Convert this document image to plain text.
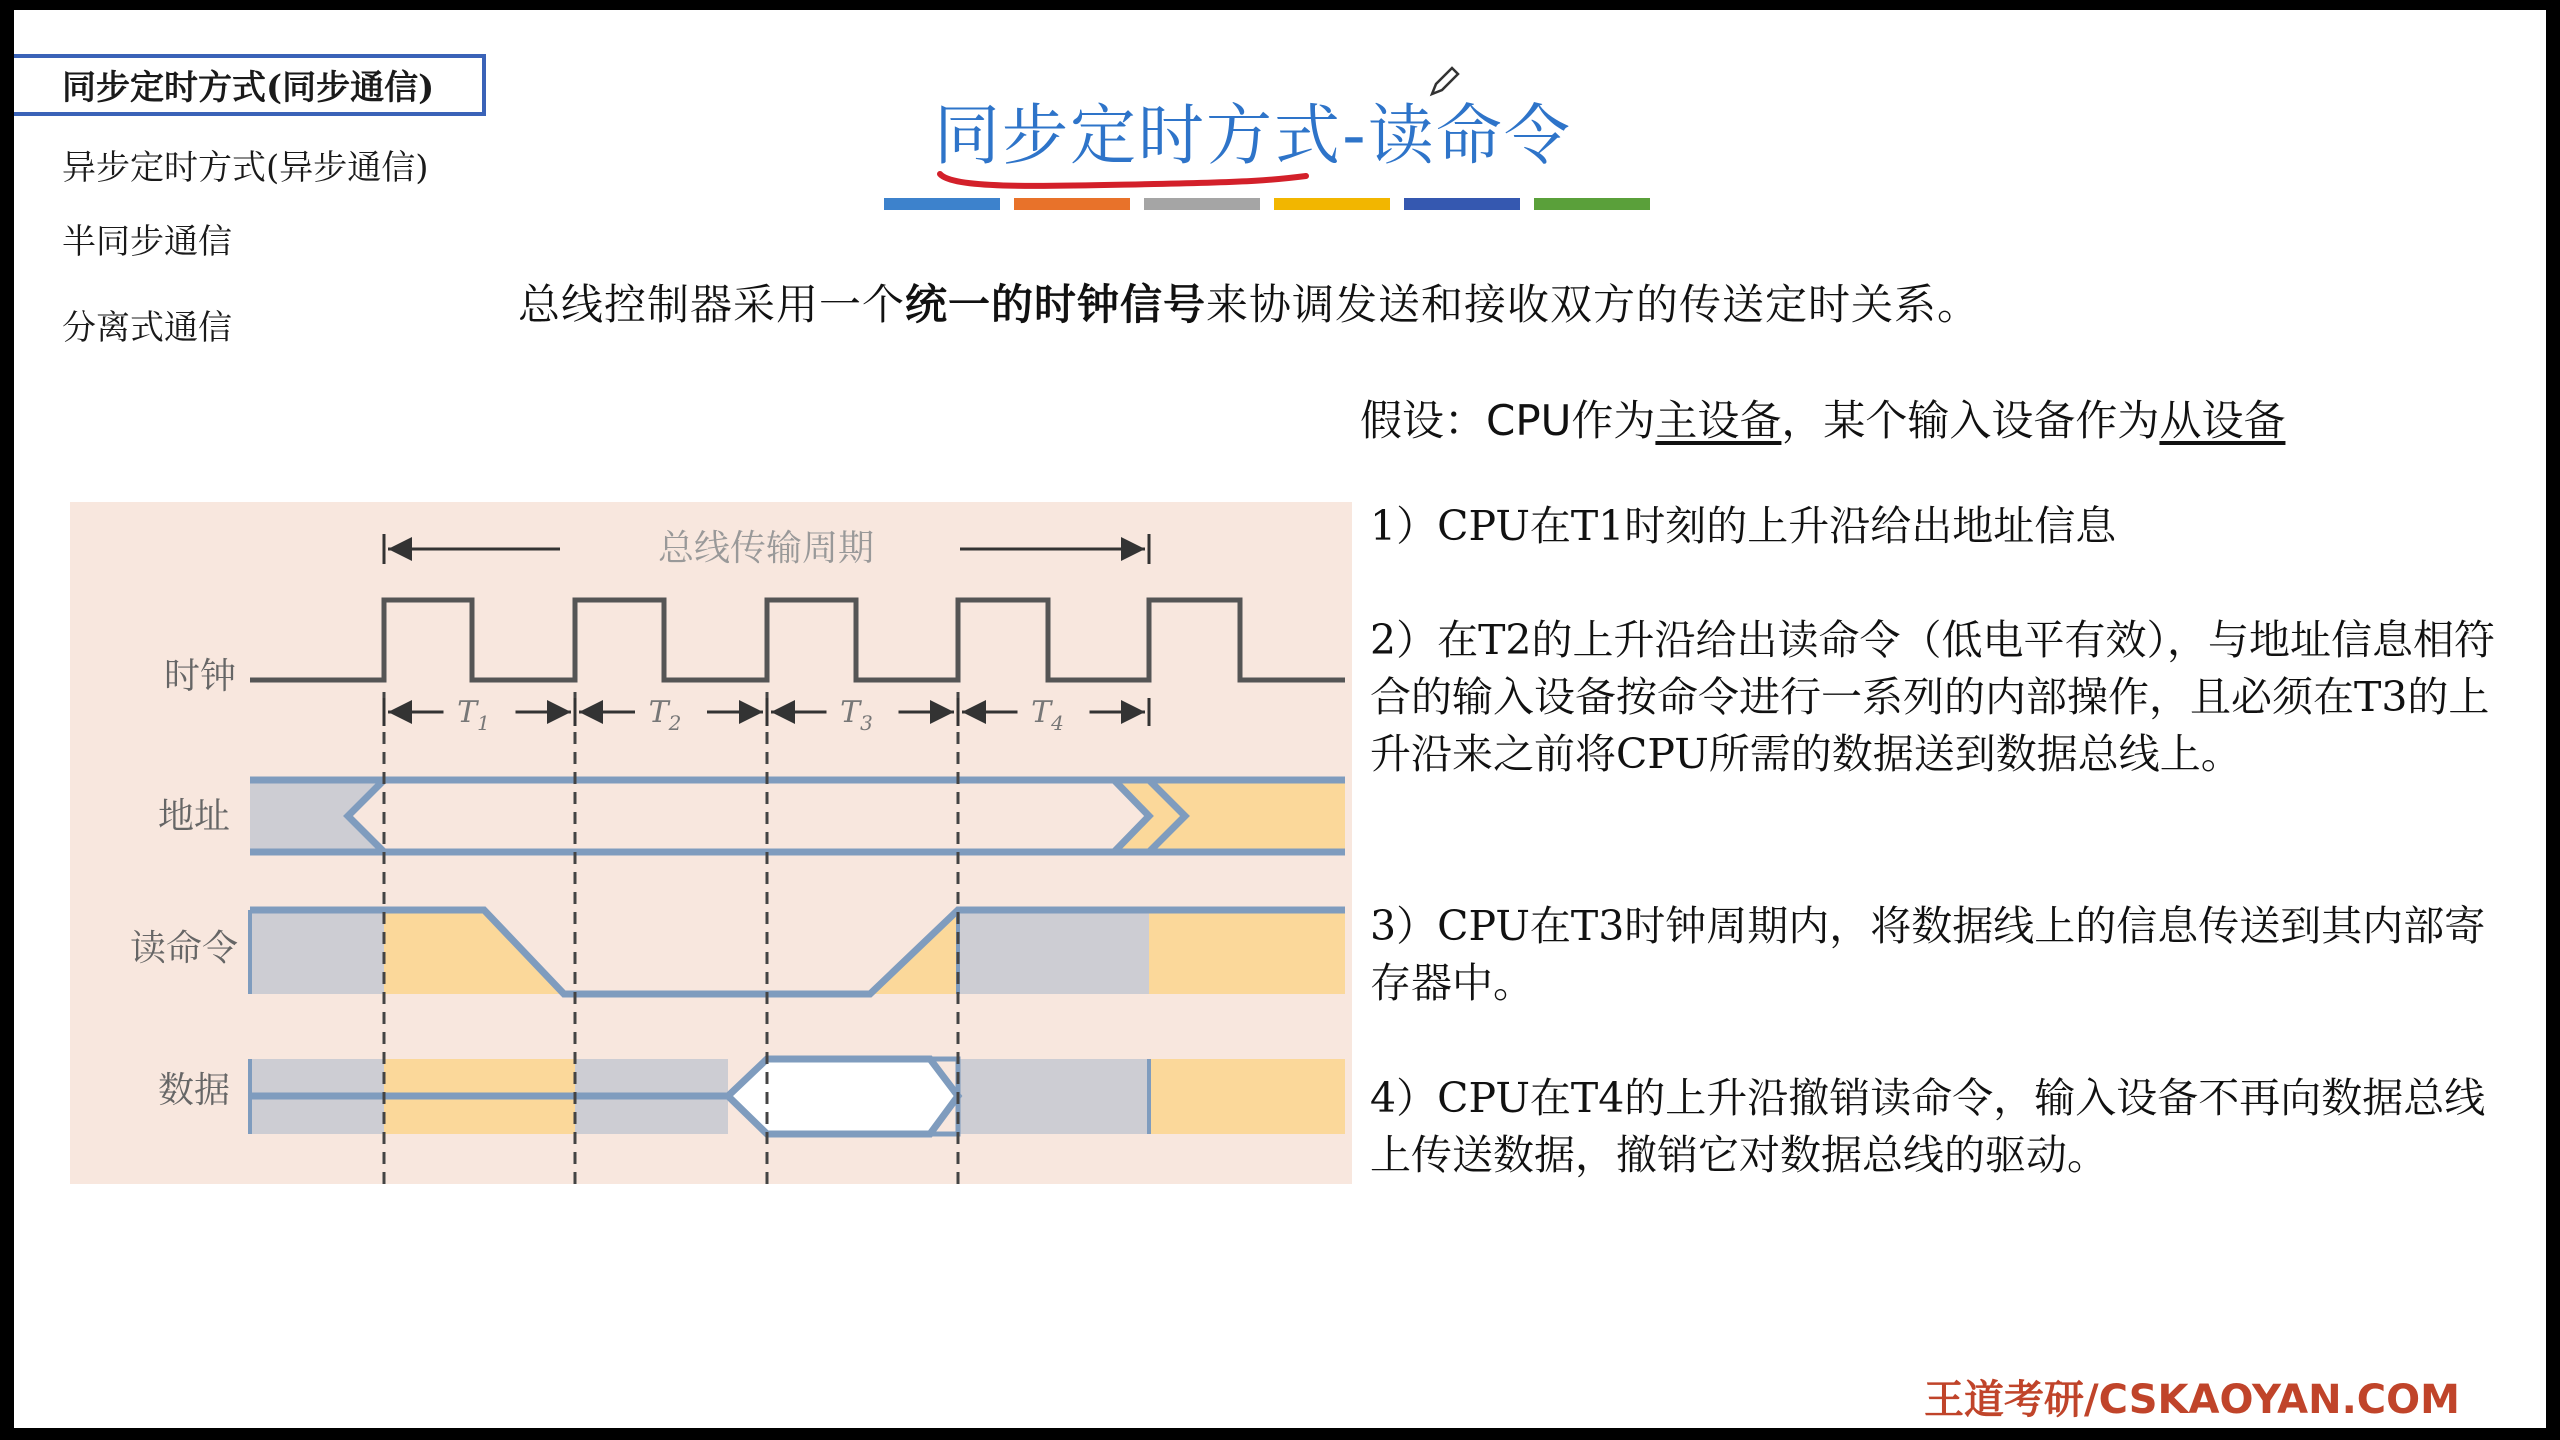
同步定时方式(同步通信)
异步定时方式(异步通信)
半同步通信
分离式通信
同步定时方式-读命令
总线控制器采用一个统一的时钟信号来协调发送和接收双方的传送定时关系。
假设：CPU作为主设备，某个输入设备作为从设备
1）CPU在T1时刻的上升沿给出地址信息
2）在T2的上升沿给出读命令（低电平有效），与地址信息相符合的输入设备按命令进行一系列的内部操作，且必须在T3的上升沿来之前将CPU所需的数据送到数据总线上。
3）CPU在T3时钟周期内，将数据线上的信息传送到其内部寄存器中。
4）CPU在T4的上升沿撤销读命令，输入设备不再向数据总线上传送数据，撤销它对数据总线的驱动。
总线传输周期
$T_1$	$T_2$	$T_3$	$T_4$
时钟
地址
读命令
数据
王道考研/CSKAOYAN.COM
